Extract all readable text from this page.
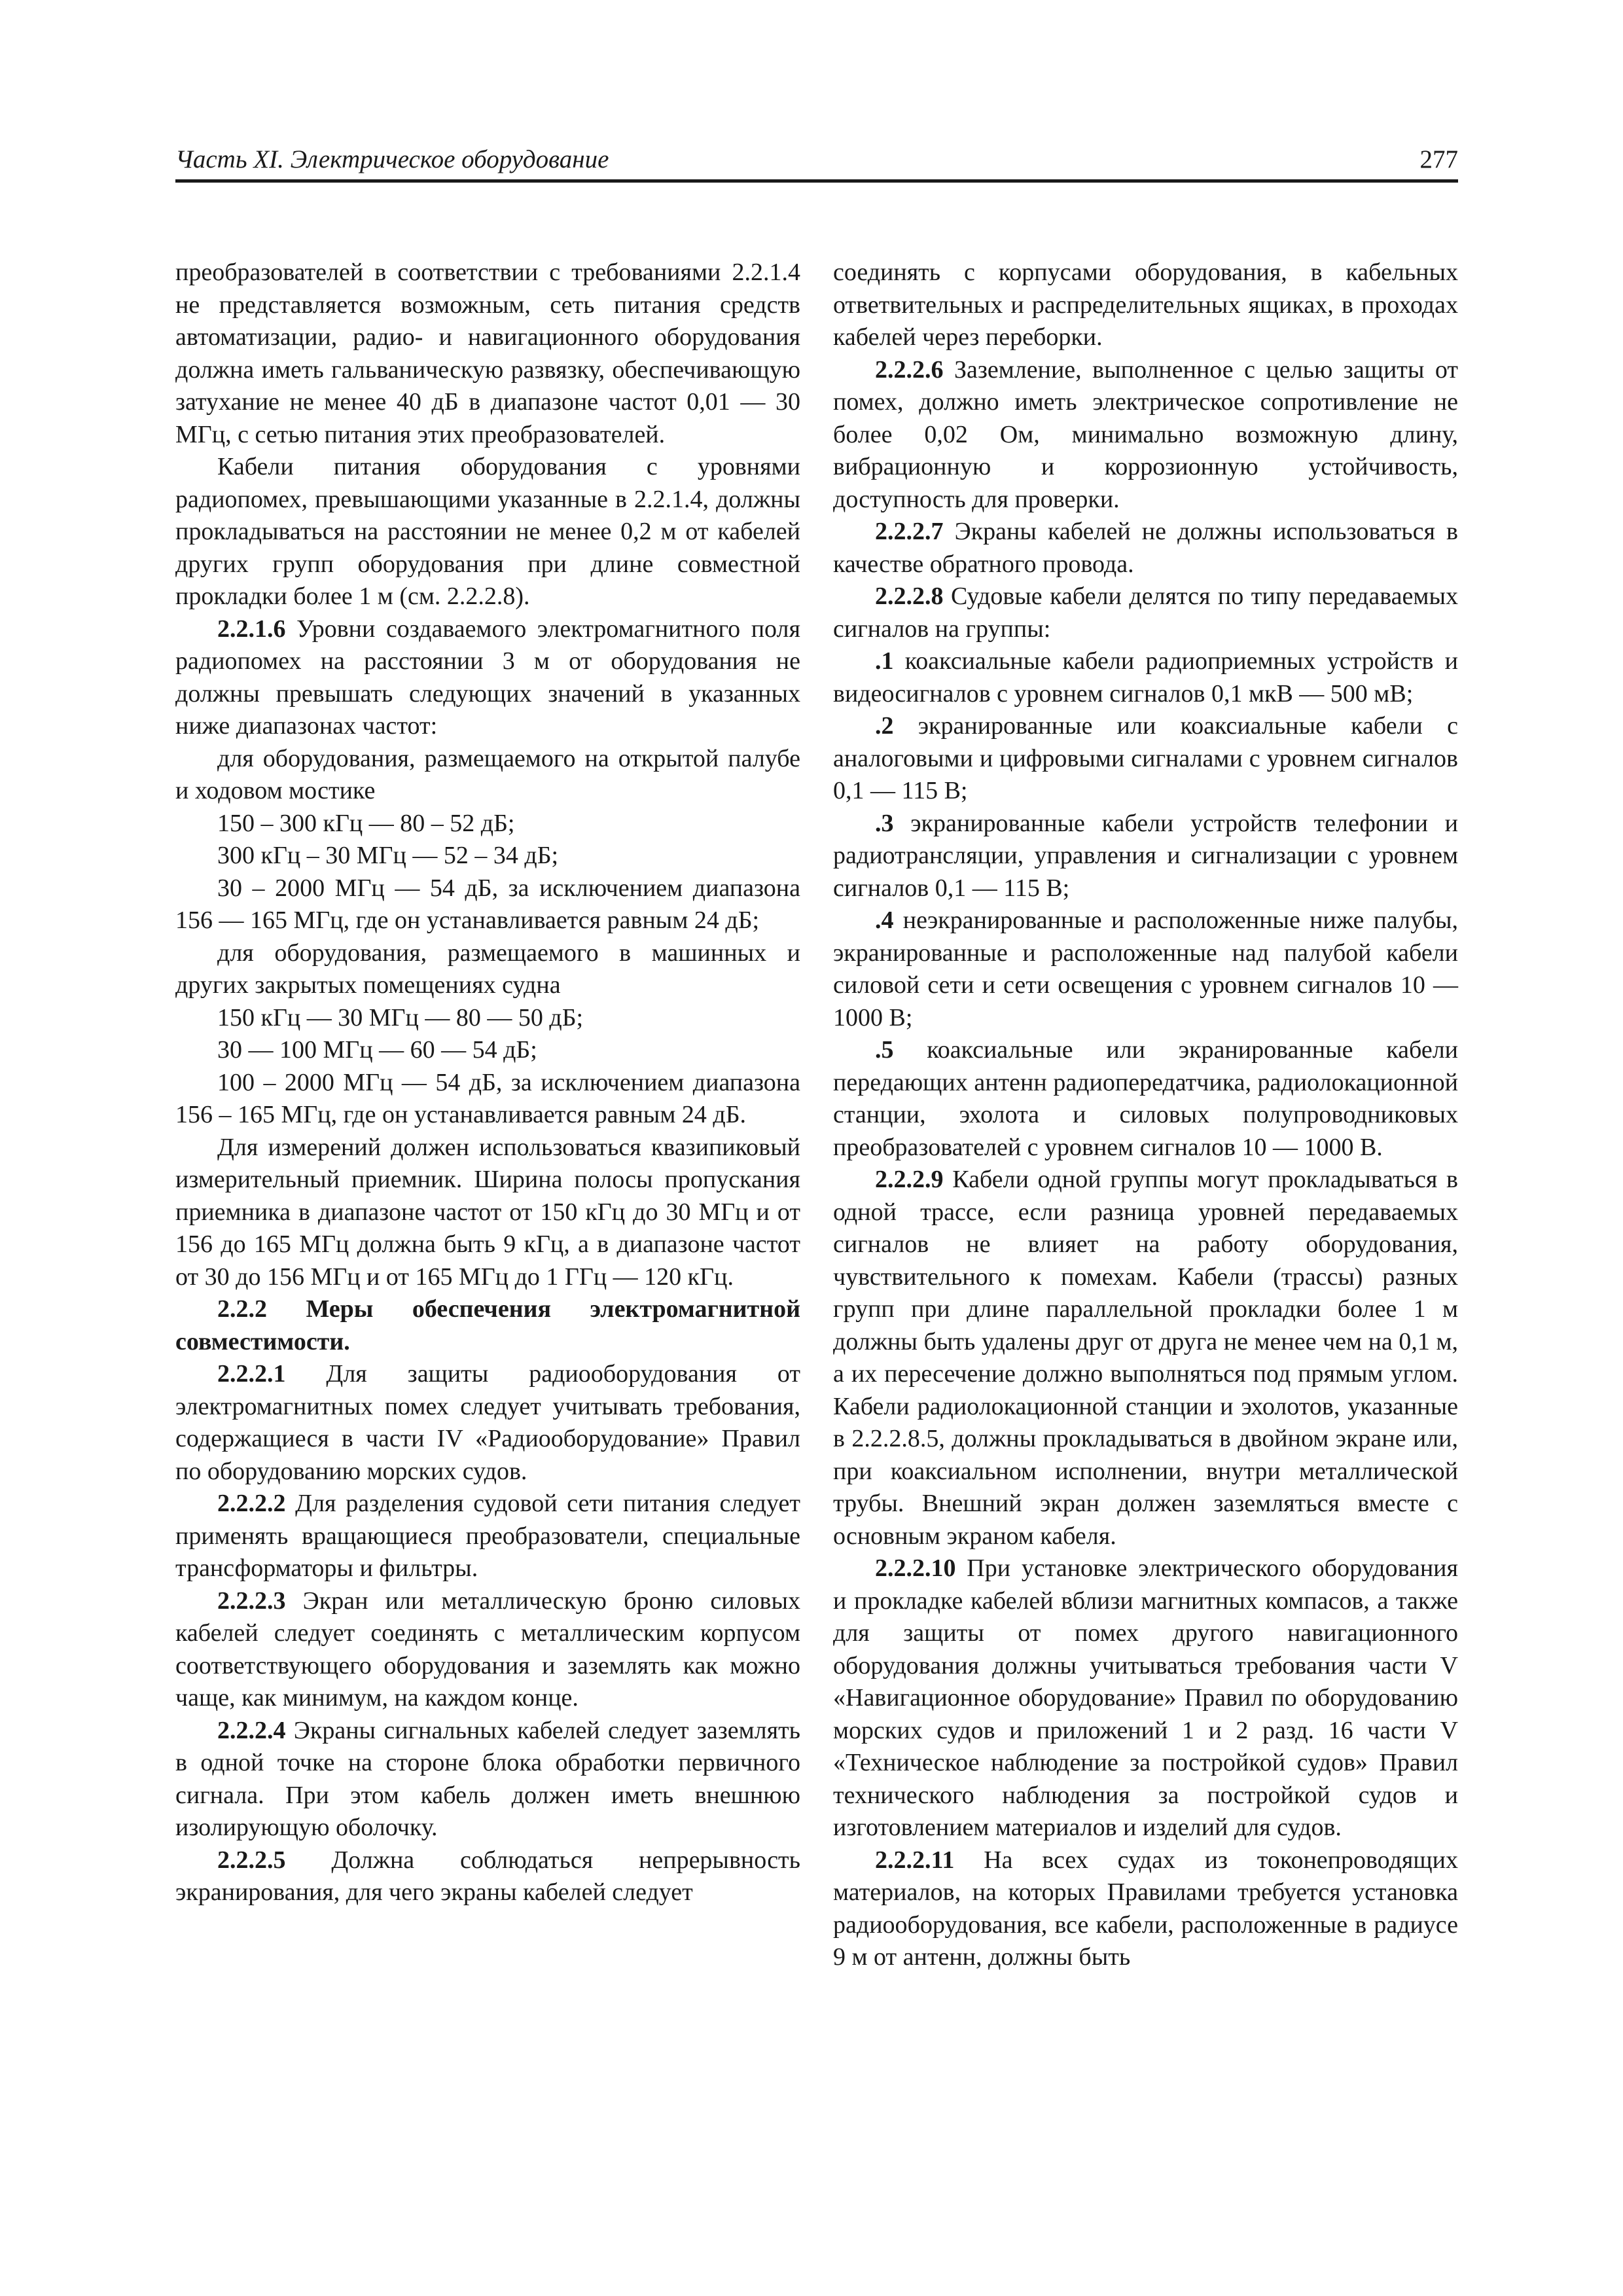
Часть XI. Электрическое оборудование	277

преобразователей в соответствии с требованиями 2.2.1.4 не представляется возможным, сеть питания средств автоматизации, радио- и навигационного оборудования должна иметь гальваническую развязку, обеспечивающую затухание не менее 40 дБ в диапазоне частот 0,01 — 30 МГц, с сетью питания этих преобразователей.

Кабели питания оборудования с уровнями радиопомех, превышающими указанные в 2.2.1.4, должны прокладываться на расстоянии не менее 0,2 м от кабелей других групп оборудования при длине совместной прокладки более 1 м (см. 2.2.2.8).

2.2.1.6 Уровни создаваемого электромагнитного поля радиопомех на расстоянии 3 м от оборудования не должны превышать следующих значений в указанных ниже диапазонах частот:

для оборудования, размещаемого на открытой палубе и ходовом мостике

150 – 300 кГц — 80 – 52 дБ;

300 кГц – 30 МГц — 52 – 34 дБ;

30 – 2000 МГц — 54 дБ, за исключением диапазона 156 — 165 МГц, где он устанавливается равным 24 дБ;

для оборудования, размещаемого в машинных и других закрытых помещениях судна

150 кГц — 30 МГц — 80 — 50 дБ;

30 — 100 МГц — 60 — 54 дБ;

100 – 2000 МГц — 54 дБ, за исключением диапазона 156 – 165 МГц, где он устанавливается равным 24 дБ.

Для измерений должен использоваться квазипиковый измерительный приемник. Ширина полосы пропускания приемника в диапазоне частот от 150 кГц до 30 МГц и от 156 до 165 МГц должна быть 9 кГц, а в диапазоне частот от 30 до 156 МГц и от 165 МГц до 1 ГГц — 120 кГц.

2.2.2 Меры обеспечения электромагнитной совместимости.

2.2.2.1 Для защиты радиооборудования от электромагнитных помех следует учитывать требования, содержащиеся в части IV «Радиооборудование» Правил по оборудованию морских судов.

2.2.2.2 Для разделения судовой сети питания следует применять вращающиеся преобразователи, специальные трансформаторы и фильтры.

2.2.2.3 Экран или металлическую броню силовых кабелей следует соединять с металлическим корпусом соответствующего оборудования и заземлять как можно чаще, как минимум, на каждом конце.

2.2.2.4 Экраны сигнальных кабелей следует заземлять в одной точке на стороне блока обработки первичного сигнала. При этом кабель должен иметь внешнюю изолирующую оболочку.

2.2.2.5 Должна соблюдаться непрерывность экранирования, для чего экраны кабелей следует

соединять с корпусами оборудования, в кабельных ответвительных и распределительных ящиках, в проходах кабелей через переборки.

2.2.2.6 Заземление, выполненное с целью защиты от помех, должно иметь электрическое сопротивление не более 0,02 Ом, минимально возможную длину, вибрационную и коррозионную устойчивость, доступность для проверки.

2.2.2.7 Экраны кабелей не должны использоваться в качестве обратного провода.

2.2.2.8 Судовые кабели делятся по типу передаваемых сигналов на группы:

.1 коаксиальные кабели радиоприемных устройств и видеосигналов с уровнем сигналов 0,1 мкВ — 500 мВ;

.2 экранированные или коаксиальные кабели с аналоговыми и цифровыми сигналами с уровнем сигналов 0,1 — 115 В;

.3 экранированные кабели устройств телефонии и радиотрансляции, управления и сигнализации с уровнем сигналов 0,1 — 115 В;

.4 неэкранированные и расположенные ниже палубы, экранированные и расположенные над палубой кабели силовой сети и сети освещения с уровнем сигналов 10 — 1000 В;

.5 коаксиальные или экранированные кабели передающих антенн радиопередатчика, радиолокационной станции, эхолота и силовых полупроводниковых преобразователей с уровнем сигналов 10 — 1000 В.

2.2.2.9 Кабели одной группы могут прокладываться в одной трассе, если разница уровней передаваемых сигналов не влияет на работу оборудования, чувствительного к помехам. Кабели (трассы) разных групп при длине параллельной прокладки более 1 м должны быть удалены друг от друга не менее чем на 0,1 м, а их пересечение должно выполняться под прямым углом. Кабели радиолокационной станции и эхолотов, указанные в 2.2.2.8.5, должны прокладываться в двойном экране или, при коаксиальном исполнении, внутри металлической трубы. Внешний экран должен заземляться вместе с основным экраном кабеля.

2.2.2.10 При установке электрического оборудования и прокладке кабелей вблизи магнитных компасов, а также для защиты от помех другого навигационного оборудования должны учитываться требования части V «Навигационное оборудование» Правил по оборудованию морских судов и приложений 1 и 2 разд. 16 части V «Техническое наблюдение за постройкой судов» Правил технического наблюдения за постройкой судов и изготовлением материалов и изделий для судов.

2.2.2.11 На всех судах из токонепроводящих материалов, на которых Правилами требуется установка радиооборудования, все кабели, расположенные в радиусе 9 м от антенн, должны быть
